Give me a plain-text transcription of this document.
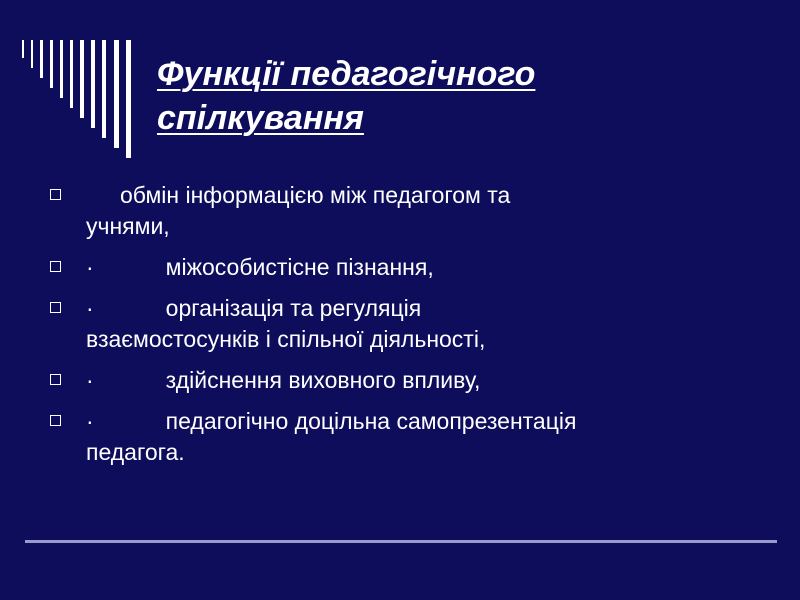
Функції педагогічного
спілкування
обмін інформацією між педагогом та
учнями,
·	міжособистісне пізнання,
·	організація та регуляція
взаємостосунків і спільної діяльності,
·	здійснення виховного впливу,
·	педагогічно доцільна самопрезентація
педагога.
